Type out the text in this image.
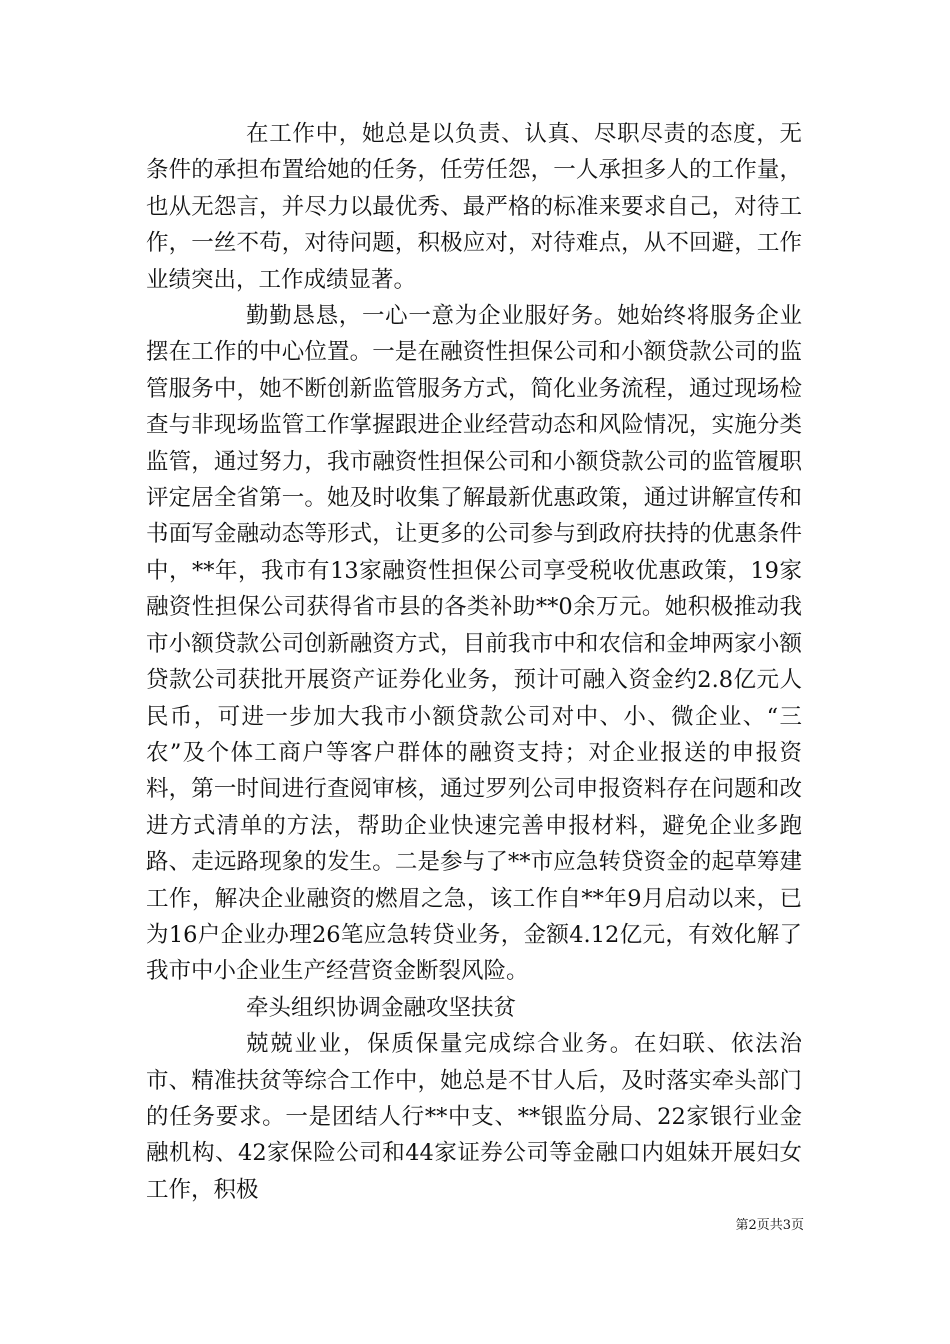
在工作中，她总是以负责、认真、尽职尽责的态度，无条件的承担布置给她的任务，任劳任怨，一人承担多人的工作量，也从无怨言，并尽力以最优秀、最严格的标准来要求自己，对待工作，一丝不苟，对待问题，积极应对，对待难点，从不回避，工作业绩突出，工作成绩显著。

勤勤恳恳，一心一意为企业服好务。她始终将服务企业摆在工作的中心位置。一是在融资性担保公司和小额贷款公司的监管服务中，她不断创新监管服务方式，简化业务流程，通过现场检查与非现场监管工作掌握跟进企业经营动态和风险情况，实施分类监管，通过努力，我市融资性担保公司和小额贷款公司的监管履职评定居全省第一。她及时收集了解最新优惠政策，通过讲解宣传和书面写金融动态等形式，让更多的公司参与到政府扶持的优惠条件中，**年，我市有13家融资性担保公司享受税收优惠政策，19家融资性担保公司获得省市县的各类补助**0余万元。她积极推动我市小额贷款公司创新融资方式，目前我市中和农信和金坤两家小额贷款公司获批开展资产证券化业务，预计可融入资金约2.8亿元人民币，可进一步加大我市小额贷款公司对中、小、微企业、“三农”及个体工商户等客户群体的融资支持；对企业报送的申报资料，第一时间进行查阅审核，通过罗列公司申报资料存在问题和改进方式清单的方法，帮助企业快速完善申报材料，避免企业多跑路、走远路现象的发生。二是参与了**市应急转贷资金的起草筹建工作，解决企业融资的燃眉之急，该工作自**年9月启动以来，已为16户企业办理26笔应急转贷业务，金额4.12亿元，有效化解了我市中小企业生产经营资金断裂风险。

牵头组织协调金融攻坚扶贫

兢兢业业，保质保量完成综合业务。在妇联、依法治市、精准扶贫等综合工作中，她总是不甘人后，及时落实牵头部门的任务要求。一是团结人行**中支、**银监分局、22家银行业金融机构、42家保险公司和44家证券公司等金融口内姐妹开展妇女工作，积极

第2页共3页
